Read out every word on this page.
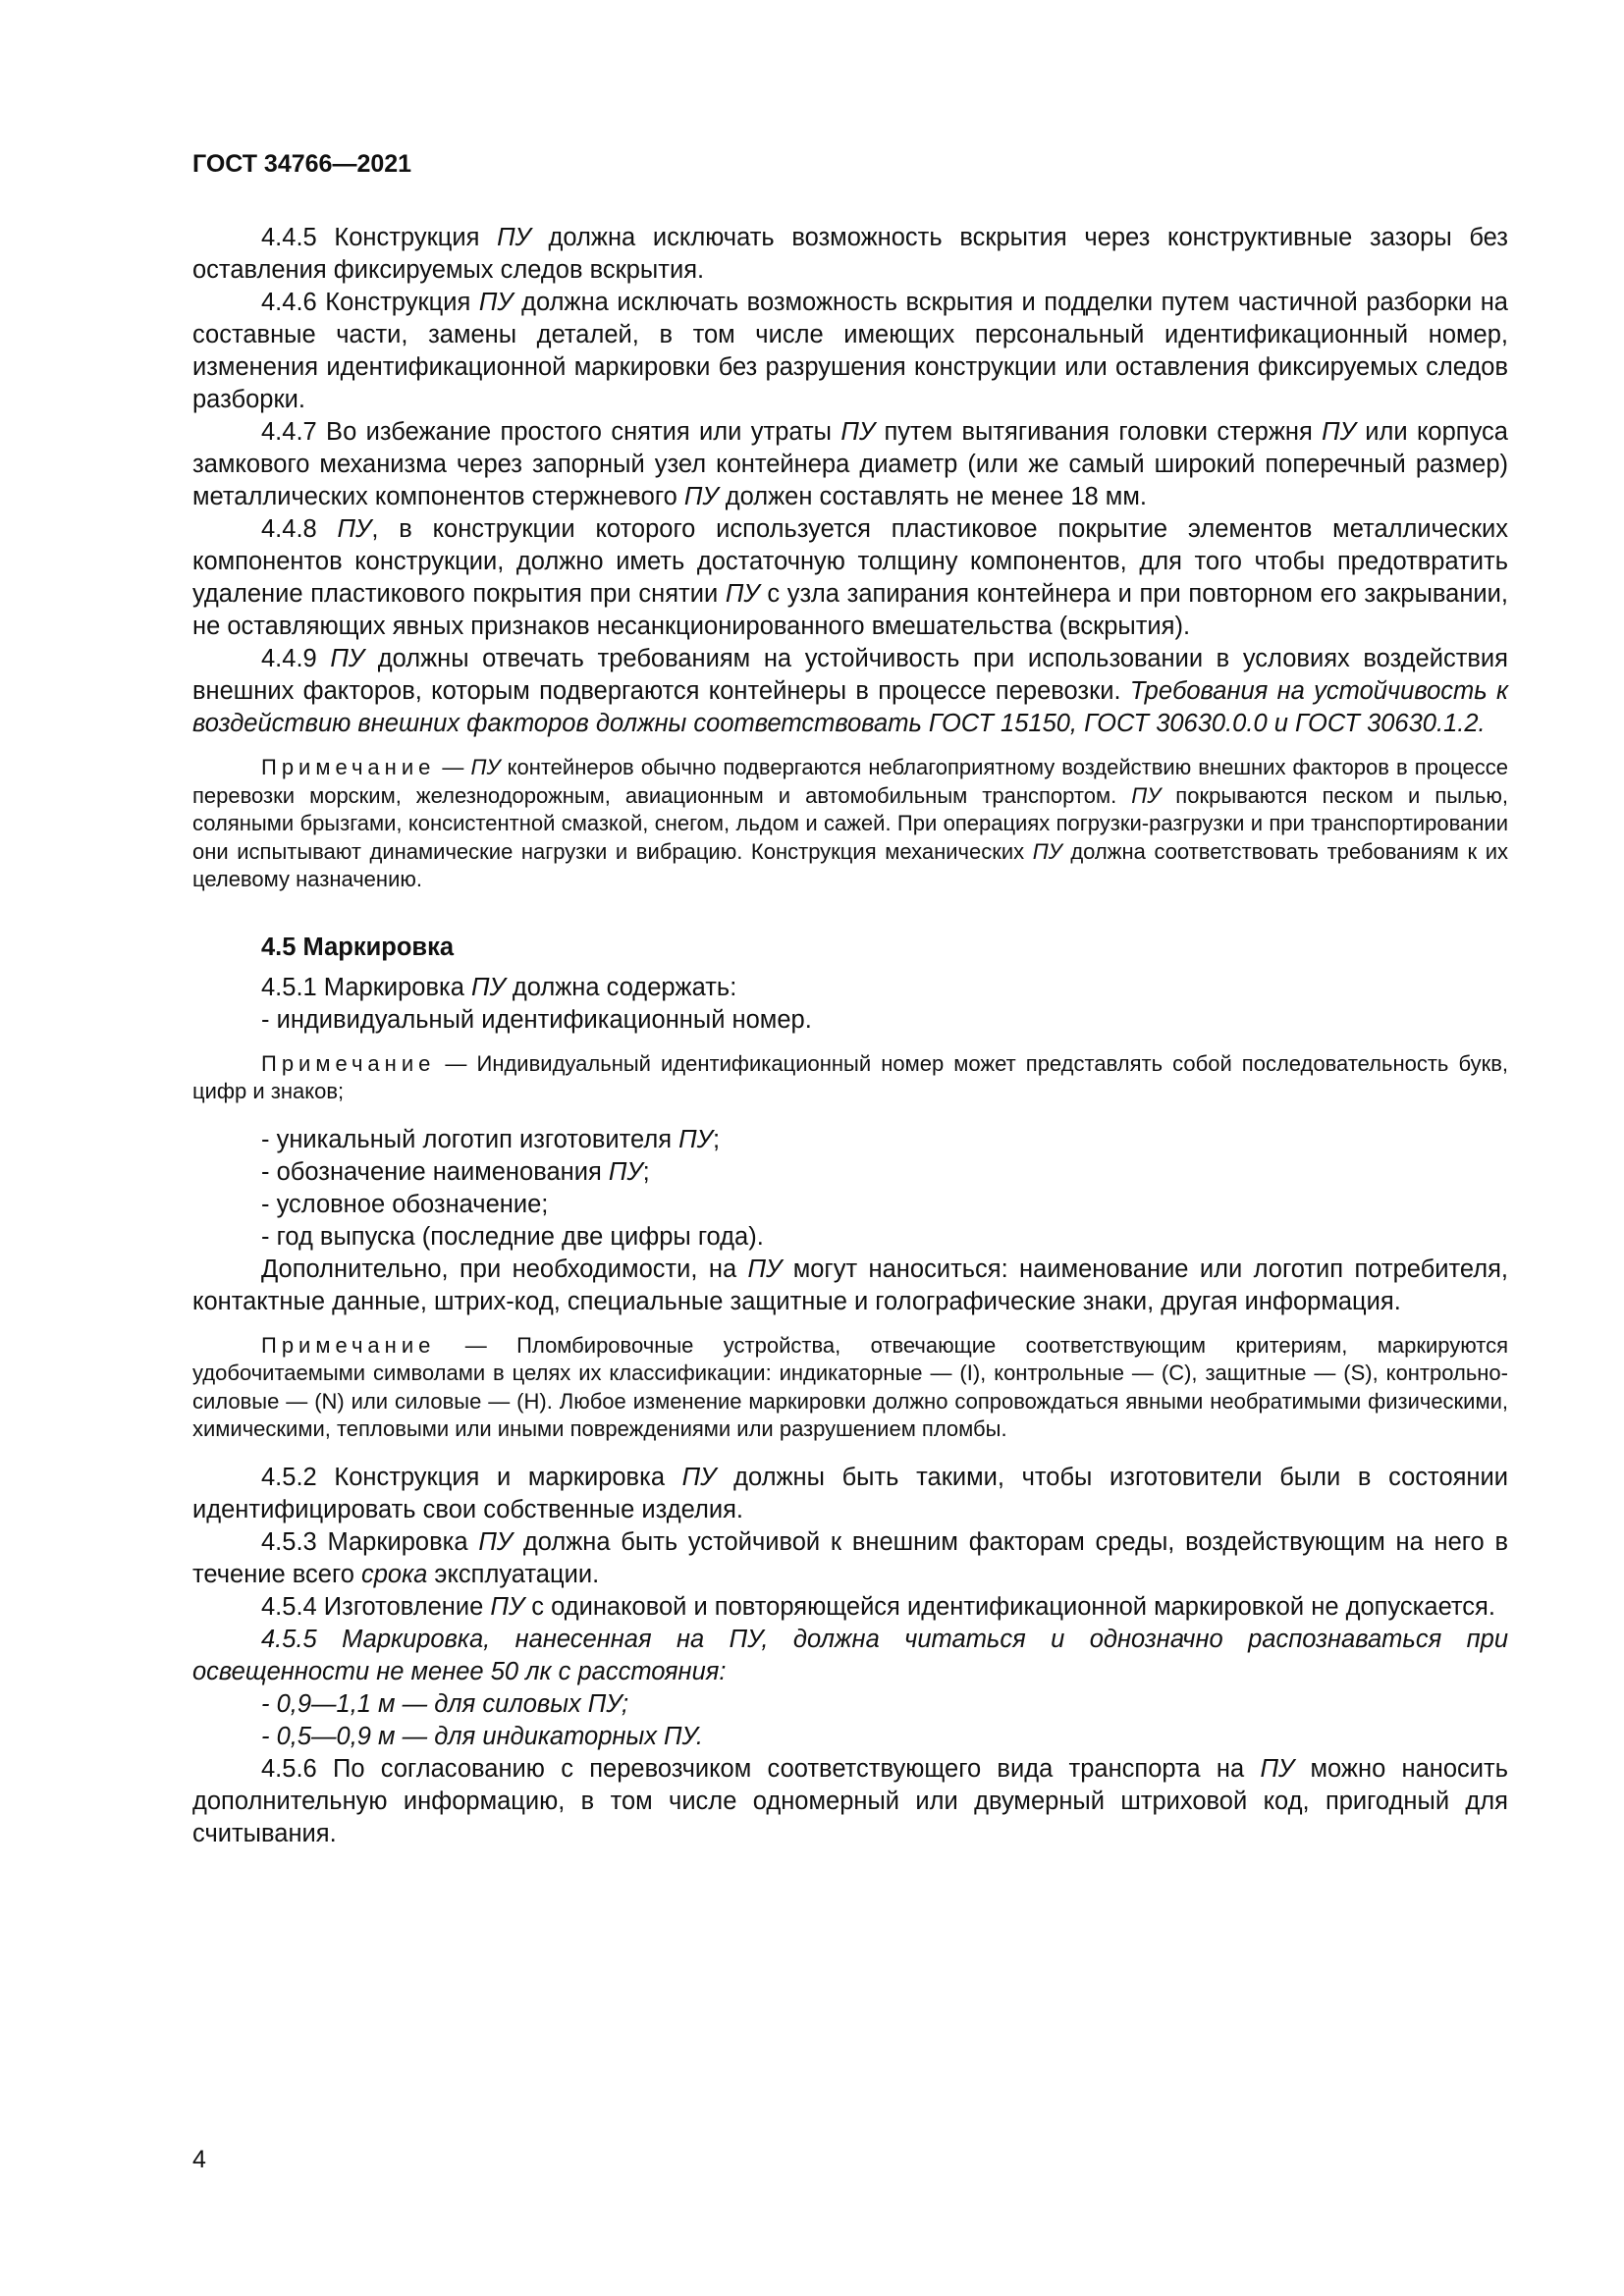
ГОСТ 34766—2021

4.4.5 Конструкция ПУ должна исключать возможность вскрытия через конструктивные зазоры без оставления фиксируемых следов вскрытия.

4.4.6 Конструкция ПУ должна исключать возможность вскрытия и подделки путем частичной разборки на составные части, замены деталей, в том числе имеющих персональный идентификационный номер, изменения идентификационной маркировки без разрушения конструкции или оставления фиксируемых следов разборки.

4.4.7 Во избежание простого снятия или утраты ПУ путем вытягивания головки стержня ПУ или корпуса замкового механизма через запорный узел контейнера диаметр (или же самый широкий поперечный размер) металлических компонентов стержневого ПУ должен составлять не менее 18 мм.

4.4.8 ПУ, в конструкции которого используется пластиковое покрытие элементов металлических компонентов конструкции, должно иметь достаточную толщину компонентов, для того чтобы предотвратить удаление пластикового покрытия при снятии ПУ с узла запирания контейнера и при повторном его закрывании, не оставляющих явных признаков несанкционированного вмешательства (вскрытия).

4.4.9 ПУ должны отвечать требованиям на устойчивость при использовании в условиях воздействия внешних факторов, которым подвергаются контейнеры в процессе перевозки. Требования на устойчивость к воздействию внешних факторов должны соответствовать ГОСТ 15150, ГОСТ 30630.0.0 и ГОСТ 30630.1.2.

Примечание — ПУ контейнеров обычно подвергаются неблагоприятному воздействию внешних факторов в процессе перевозки морским, железнодорожным, авиационным и автомобильным транспортом. ПУ покрываются песком и пылью, соляными брызгами, консистентной смазкой, снегом, льдом и сажей. При операциях погрузки-разгрузки и при транспортировании они испытывают динамические нагрузки и вибрацию. Конструкция механических ПУ должна соответствовать требованиям к их целевому назначению.

4.5 Маркировка

4.5.1 Маркировка ПУ должна содержать:

- индивидуальный идентификационный номер.

Примечание — Индивидуальный идентификационный номер может представлять собой последовательность букв, цифр и знаков;

- уникальный логотип изготовителя ПУ;

- обозначение наименования ПУ;

- условное обозначение;

- год выпуска (последние две цифры года).

Дополнительно, при необходимости, на ПУ могут наноситься: наименование или логотип потребителя, контактные данные, штрих-код, специальные защитные и голографические знаки, другая информация.

Примечание — Пломбировочные устройства, отвечающие соответствующим критериям, маркируются удобочитаемыми символами в целях их классификации: индикаторные — (I), контрольные — (C), защитные — (S), контрольно-силовые — (N) или силовые — (H). Любое изменение маркировки должно сопровождаться явными необратимыми физическими, химическими, тепловыми или иными повреждениями или разрушением пломбы.

4.5.2 Конструкция и маркировка ПУ должны быть такими, чтобы изготовители были в состоянии идентифицировать свои собственные изделия.

4.5.3 Маркировка ПУ должна быть устойчивой к внешним факторам среды, воздействующим на него в течение всего срока эксплуатации.

4.5.4 Изготовление ПУ с одинаковой и повторяющейся идентификационной маркировкой не допускается.

4.5.5 Маркировка, нанесенная на ПУ, должна читаться и однозначно распознаваться при освещенности не менее 50 лк с расстояния:

- 0,9—1,1 м — для силовых ПУ;

- 0,5—0,9 м — для индикаторных ПУ.

4.5.6 По согласованию с перевозчиком соответствующего вида транспорта на ПУ можно наносить дополнительную информацию, в том числе одномерный или двумерный штриховой код, пригодный для считывания.

4
